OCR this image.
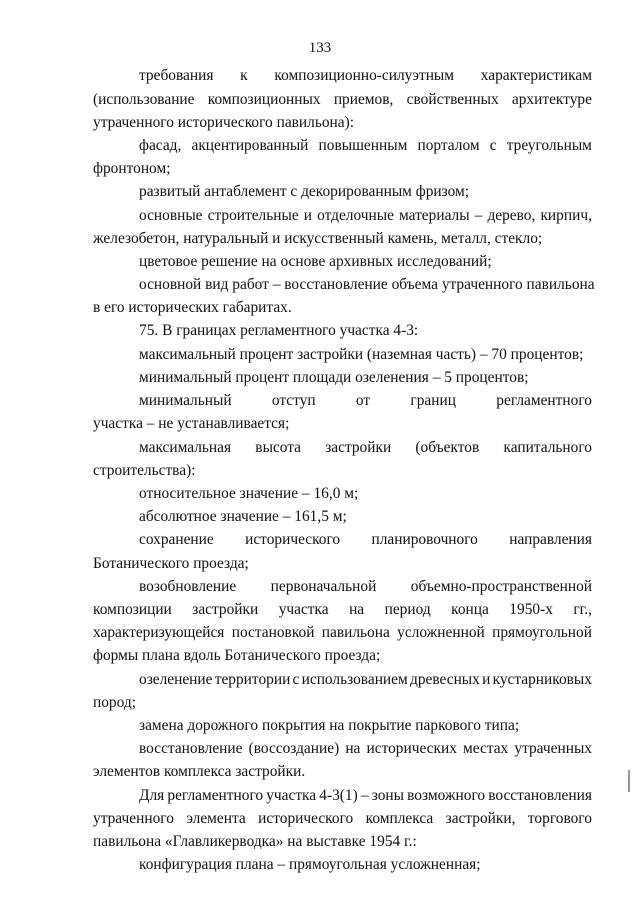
133
требования к композиционно-силуэтным характеристикам
(использование композиционных приемов, свойственных архитектуре
утраченного исторического павильона):
фасад, акцентированный повышенным порталом с треугольным
фронтоном;
развитый антаблемент с декорированным фризом;
основные строительные и отделочные материалы – дерево, кирпич,
железобетон, натуральный и искусственный камень, металл, стекло;
цветовое решение на основе архивных исследований;
основной вид работ – восстановление объема утраченного павильона
в его исторических габаритах.
75. В границах регламентного участка 4-3:
максимальный процент застройки (наземная часть) – 70 процентов;
минимальный процент площади озеленения – 5 процентов;
минимальный	отступ	от	границ	регламентного
участка – не устанавливается;
максимальная высота застройки (объектов капитального
строительства):
относительное значение – 16,0 м;
абсолютное значение – 161,5 м;
сохранение исторического планировочного направления
Ботанического проезда;
возобновление первоначальной объемно-пространственной
композиции застройки участка на период конца 1950-х гг.,
характеризующейся постановкой павильона усложненной прямоугольной
формы плана вдоль Ботанического проезда;
озеленение территории с использованием древесных и кустарниковых
пород;
замена дорожного покрытия на покрытие паркового типа;
восстановление (воссоздание) на исторических местах утраченных
элементов комплекса застройки.
Для регламентного участка 4-3(1) – зоны возможного восстановления
утраченного элемента исторического комплекса застройки, торгового
павильона «Главликерводка» на выставке 1954 г.:
конфигурация плана – прямоугольная усложненная;
